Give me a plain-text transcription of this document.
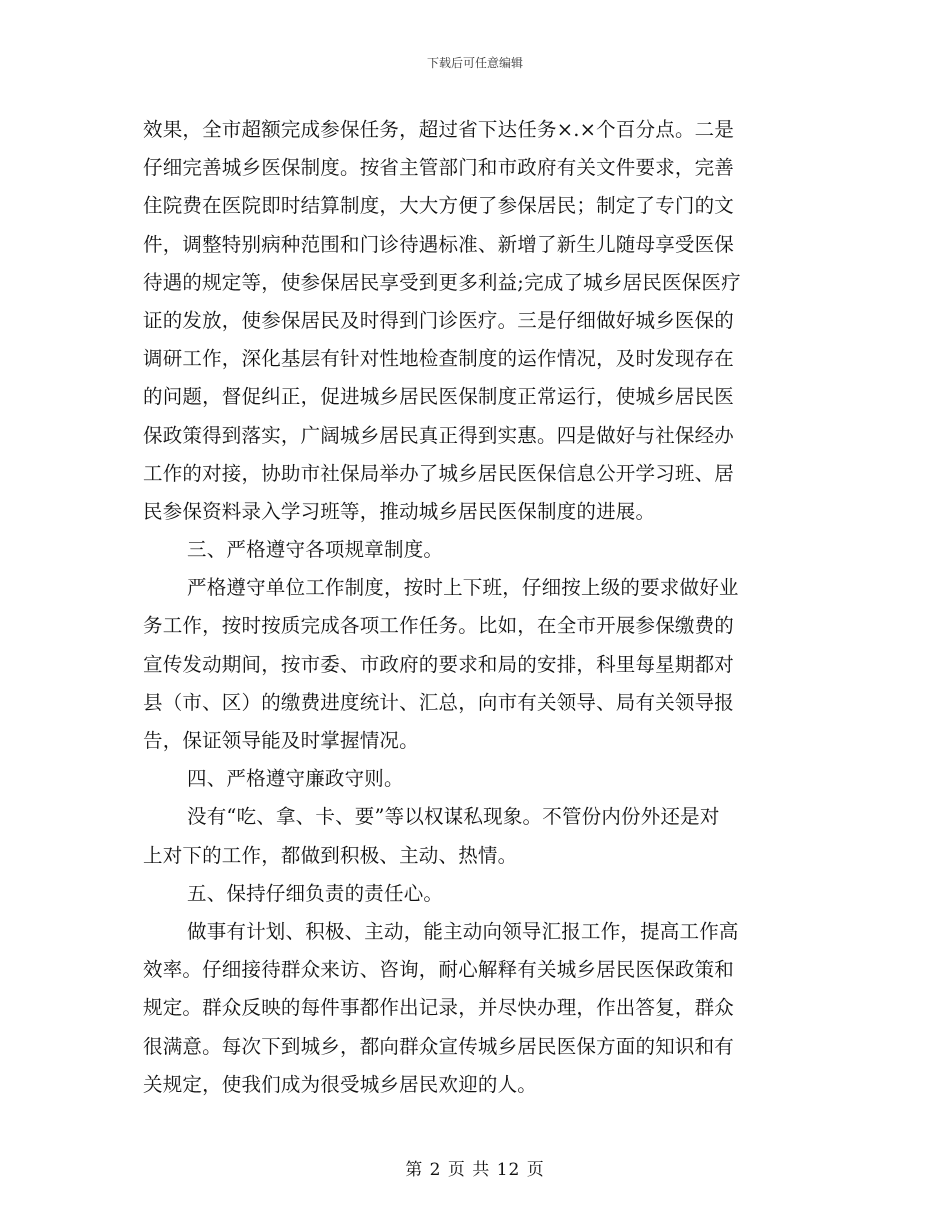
下载后可任意编辑
效果，全市超额完成参保任务，超过省下达任务×.×个百分点。二是
仔细完善城乡医保制度。按省主管部门和市政府有关文件要求，完善
住院费在医院即时结算制度，大大方便了参保居民；制定了专门的文
件，调整特别病种范围和门诊待遇标准、新增了新生儿随母享受医保
待遇的规定等，使参保居民享受到更多利益;完成了城乡居民医保医疗
证的发放，使参保居民及时得到门诊医疗。三是仔细做好城乡医保的
调研工作，深化基层有针对性地检查制度的运作情况，及时发现存在
的问题，督促纠正，促进城乡居民医保制度正常运行，使城乡居民医
保政策得到落实，广阔城乡居民真正得到实惠。四是做好与社保经办
工作的对接，协助市社保局举办了城乡居民医保信息公开学习班、居
民参保资料录入学习班等，推动城乡居民医保制度的进展。
三、严格遵守各项规章制度。
严格遵守单位工作制度，按时上下班，仔细按上级的要求做好业
务工作，按时按质完成各项工作任务。比如，在全市开展参保缴费的
宣传发动期间，按市委、市政府的要求和局的安排，科里每星期都对
县（市、区）的缴费进度统计、汇总，向市有关领导、局有关领导报
告，保证领导能及时掌握情况。
四、严格遵守廉政守则。
没有“吃、拿、卡、要”等以权谋私现象。不管份内份外还是对
上对下的工作，都做到积极、主动、热情。
五、保持仔细负责的责任心。
做事有计划、积极、主动，能主动向领导汇报工作，提高工作高
效率。仔细接待群众来访、咨询，耐心解释有关城乡居民医保政策和
规定。群众反映的每件事都作出记录，并尽快办理，作出答复，群众
很满意。每次下到城乡，都向群众宣传城乡居民医保方面的知识和有
关规定，使我们成为很受城乡居民欢迎的人。
第 2 页 共 12 页
